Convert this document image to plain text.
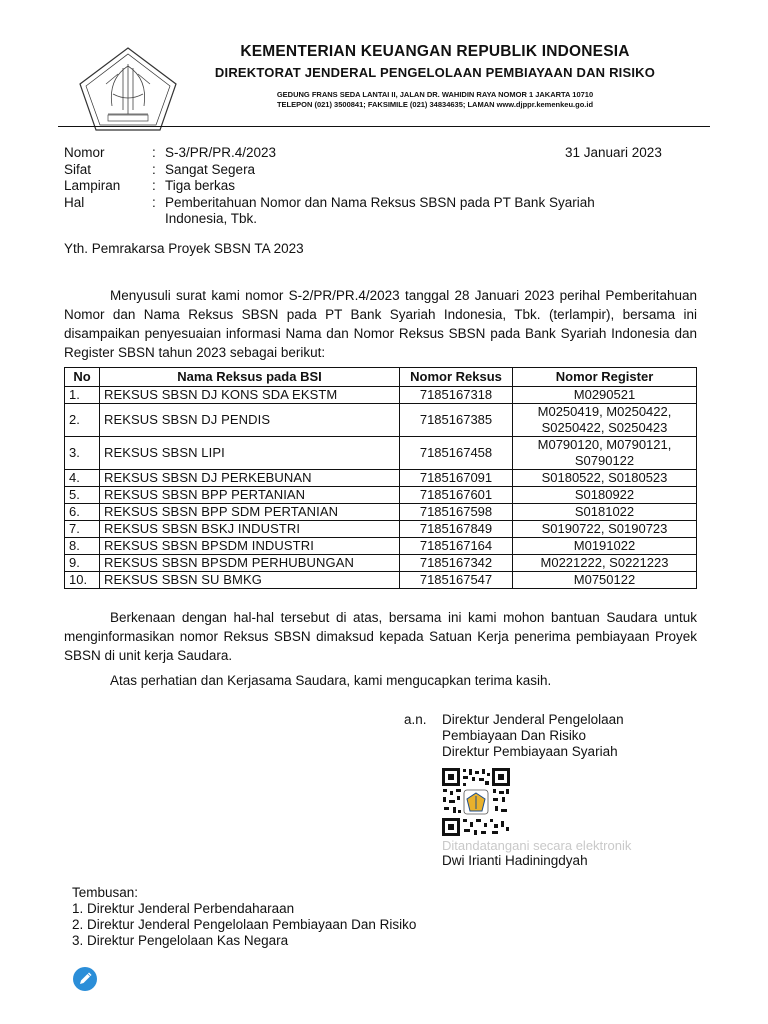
KEMENTERIAN KEUANGAN REPUBLIK INDONESIA
DIREKTORAT JENDERAL PENGELOLAAN PEMBIAYAAN DAN RISIKO
GEDUNG FRANS SEDA LANTAI II, JALAN DR. WAHIDIN RAYA NOMOR 1 JAKARTA 10710
TELEPON (021) 3500841; FAKSIMILE (021) 34834635; LAMAN www.djppr.kemenkeu.go.id
Nomor	: S-3/PR/PR.4/2023
Sifat	: Sangat Segera
Lampiran	: Tiga berkas
Hal	: Pemberitahuan Nomor dan Nama Reksus SBSN pada PT Bank Syariah Indonesia, Tbk.
31 Januari 2023
Yth. Pemrakarsa Proyek SBSN TA 2023

Menyusuli surat kami nomor S-2/PR/PR.4/2023 tanggal 28 Januari 2023 perihal Pemberitahuan Nomor dan Nama Reksus SBSN pada PT Bank Syariah Indonesia, Tbk. (terlampir), bersama ini disampaikan penyesuaian informasi Nama dan Nomor Reksus SBSN pada Bank Syariah Indonesia dan Register SBSN tahun 2023 sebagai berikut:

No	Nama Reksus pada BSI	Nomor Reksus	Nomor Register
1.	REKSUS SBSN DJ KONS SDA EKSTM	7185167318	M0290521
2.	REKSUS SBSN DJ PENDIS	7185167385	M0250419, M0250422, S0250422, S0250423
3.	REKSUS SBSN LIPI	7185167458	M0790120, M0790121, S0790122
4.	REKSUS SBSN DJ PERKEBUNAN	7185167091	S0180522, S0180523
5.	REKSUS SBSN BPP PERTANIAN	7185167601	S0180922
6.	REKSUS SBSN BPP SDM PERTANIAN	7185167598	S0181022
7.	REKSUS SBSN BSKJ INDUSTRI	7185167849	S0190722, S0190723
8.	REKSUS SBSN BPSDM INDUSTRI	7185167164	M0191022
9.	REKSUS SBSN BPSDM PERHUBUNGAN	7185167342	M0221222, S0221223
10.	REKSUS SBSN SU BMKG	7185167547	M0750122

Berkenaan dengan hal-hal tersebut di atas, bersama ini kami mohon bantuan Saudara untuk menginformasikan nomor Reksus SBSN dimaksud kepada Satuan Kerja penerima pembiayaan Proyek SBSN di unit kerja Saudara.

Atas perhatian dan Kerjasama Saudara, kami mengucapkan terima kasih.

a.n. Direktur Jenderal Pengelolaan
Pembiayaan Dan Risiko
Direktur Pembiayaan Syariah
Ditandatangani secara elektronik
Dwi Irianti Hadiningdyah
Tembusan:
1. Direktur Jenderal Perbendaharaan
2. Direktur Jenderal Pengelolaan Pembiayaan Dan Risiko
3. Direktur Pengelolaan Kas Negara
